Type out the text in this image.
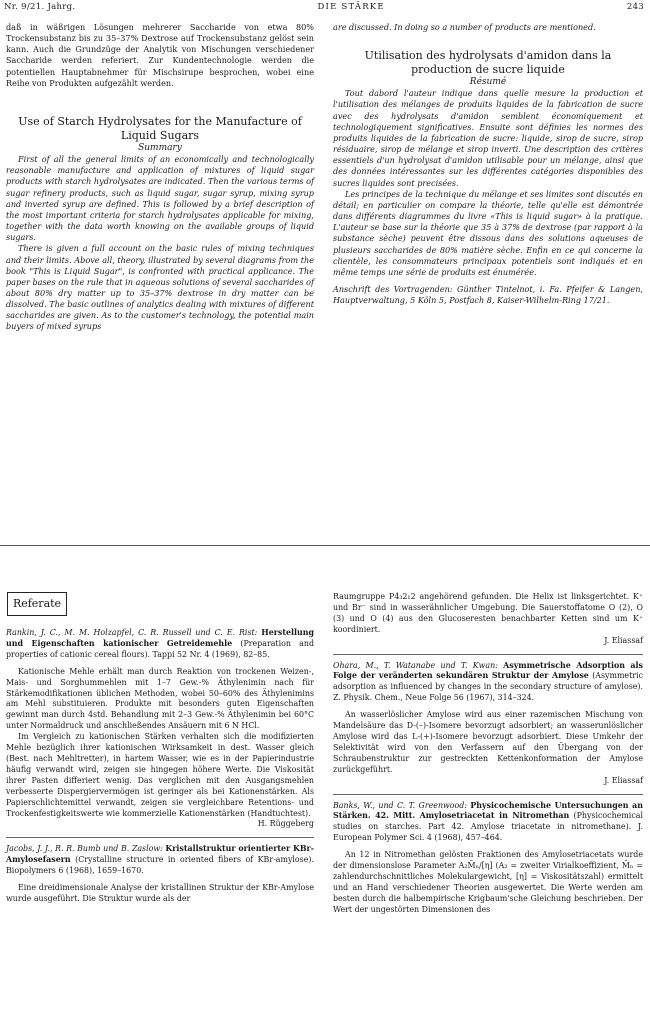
Nr. 9/21. Jahrg.	DIE STÄRKE	243

daß in wäßrigen Lösungen mehrerer Saccharide von etwa 80% Trockensubstanz bis zu 35–37% Dextrose auf Trockensubstanz gelöst sein kann. Auch die Grundzüge der Analytik von Mischungen verschiedener Saccharide werden referiert. Zur Kundentechnologie werden die potentiellen Hauptabnehmer für Mischsirupe besprochen, wobei eine Reihe von Produkten aufgezählt werden.

Use of Starch Hydrolysates for the Manufacture of Liquid Sugars

Summary

First of all the general limits of an economically and technologically reasonable manufacture and application of mixtures of liquid sugar products with starch hydrolysates are indicated. Then the various terms of sugar refinery products, such as liquid sugar, sugar syrup, mixing syrup and inverted syrup are defined. This is followed by a brief description of the most important criteria for starch hydrolysates applicable for mixing, together with the data worth knowing on the available groups of liquid sugars.

There is given a full account on the basic rules of mixing techniques and their limits. Above all, theory, illustrated by several diagrams from the book "This is Liquid Sugar", is confronted with practical applicance. The paper bases on the rule that in aqueous solutions of several saccharides of about 80% dry matter up to 35–37% dextrose in dry matter can be dissolved. The basic outlines of analytics dealing with mixtures of different saccharides are given. As to the customer's technology, the potential main buyers of mixed syrups

are discussed. In doing so a number of products are mentioned.

Utilisation des hydrolysats d'amidon dans la production de sucre liquide

Résumé

Tout dabord l'auteur indique dans quelle mesure la production et l'utilisation des mélanges de produits liquides de la fabrication de sucre avec des hydrolysats d'amidon semblent économiquement et technologiquement significatives. Ensuite sont définies les normes des produits liquides de la fabrication de sucre: liquide, sirop de sucre, sirop résiduaire, sirop de mélange et sirop inverti. Une description des critères essentiels d'un hydrolysat d'amidon utilisable pour un mélange, ainsi que des données intéressantes sur les différentes catégories disponibles des sucres liquides sont precisées.

Les principes de la technique du mélange et ses limites sont discutés en détail; en particulier on compare la théorie, telle qu'elle est démontrée dans différents diagrammes du livre «This is liquid sugar» à la pratique. L'auteur se base sur la théorie que 35 à 37% de dextrose (par rapport à la substance sèche) peuvent être dissous dans des solutions aqueuses de plusieurs saccharides de 80% matière sèche. Enfin en ce qui concerne la clientèle, les consommateurs principaux potentiels sont indiqués et en même temps une série de produits est énumérée.

Anschrift des Vortragenden: Günther Tintelnot, i. Fa. Pfeifer & Langen, Hauptverwaltung, 5 Köln 5, Postfach 8, Kaiser-Wilhelm-Ring 17/21.

Referate

Rankin, J. C., M. M. Holzapfel, C. R. Russell und C. E. Rist: Herstellung und Eigenschaften kationischer Getreidemehle (Preparation and properties of cationic cereal flours). Tappi 52 Nr. 4 (1969), 82–85.

Kationische Mehle erhält man durch Reaktion von trockenen Weizen-, Mais- und Sorghummehlen mit 1–7 Gew.-% Äthylenimin nach für Stärkemodifikationen üblichen Methoden, wobei 50–60% des Äthylenimins am Mehl substituieren. Produkte mit besonders guten Eigenschaften gewinnt man durch 4std. Behandlung mit 2–3 Gew.-% Äthylenimin bei 60°C unter Normaldruck und anschließendes Ansäuern mit 6 N HCl.

Im Vergleich zu kationischen Stärken verhalten sich die modifizierten Mehle bezüglich ihrer kationischen Wirksamkeit in dest. Wasser gleich (Best. nach Mehltretter), in hartem Wasser, wie es in der Papierindustrie häufig verwandt wird, zeigen sie hingegen höhere Werte. Die Viskosität ihrer Pasten differiert wenig. Das verglichen mit den Ausgangsmehlen verbesserte Dispergiervermögen ist geringer als bei Kationenstärken. Als Papierschlichtemittel verwandt, zeigen sie vergleichbare Retentions- und Trockenfestigkeitswerte wie kommerzielle Kationenstärken (Handtuchtest).

H. Rüggeberg

Jacobs, J. J., R. R. Bumb und B. Zaslow: Kristallstruktur orientierter KBr-Amylosefasern (Crystalline structure in oriented fibers of KBr-amylose). Biopolymers 6 (1968), 1659–1670.

Eine dreidimensionale Analyse der kristallinen Struktur der KBr-Amylose wurde ausgeführt. Die Struktur wurde als der

Raumgruppe P4₃2₁2 angehörend gefunden. Die Helix ist linksgerichtet. K⁺ und Br⁻ sind in wasserähnlicher Umgebung. Die Sauerstoffatome O (2), O (3) und O (4) aus den Glucoseresten benachbarter Ketten sind um K⁺ koordiniert.

J. Eliassaf

Ohara, M., T. Watanabe und T. Kwan: Asymmetrische Adsorption als Folge der veränderten sekundären Struktur der Amylose (Asymmetric adsorption as influenced by changes in the secondary structure of amylose). Z. Physik. Chem., Neue Folge 56 (1967), 314–324.

An wasserlöslicher Amylose wird aus einer razemischen Mischung von Mandelsäure das D-(–)-Isomere bevorzugt adsorbiert; an wasserunlöslicher Amylose wird das L-(+)-Isomere bevorzugt adsorbiert. Diese Umkehr der Selektivität wird von den Verfassern auf den Übergang von der Schraubenstruktur zur gestreckten Kettenkonformation der Amylose zurückgeführt.

J. Eliassaf

Banks, W., und C. T. Greenwood: Physicochemische Untersuchungen an Stärken. 42. Mitt. Amylosetriacetat in Nitromethan (Physicochemical studies on starches. Part 42. Amylose triacetate in nitromethane). J. European Polymer Sci. 4 (1968), 457–464.

An 12 in Nitromethan gelösten Fraktionen des Amylosetriacetats wurde der dimensionslose Parameter A₂M̄ₙ/[η] (A₂ = zweiter Virialkoeffizient, M̄ₙ = zahlendurchschnittliches Molekulargewicht, [η] = Viskositätszahl) ermittelt und an Hand verschiedener Theorien ausgewertet. Die Werte werden am besten durch die halbempirische Krigbaum'sche Gleichung beschrieben. Der Wert der ungestörten Dimensionen des
